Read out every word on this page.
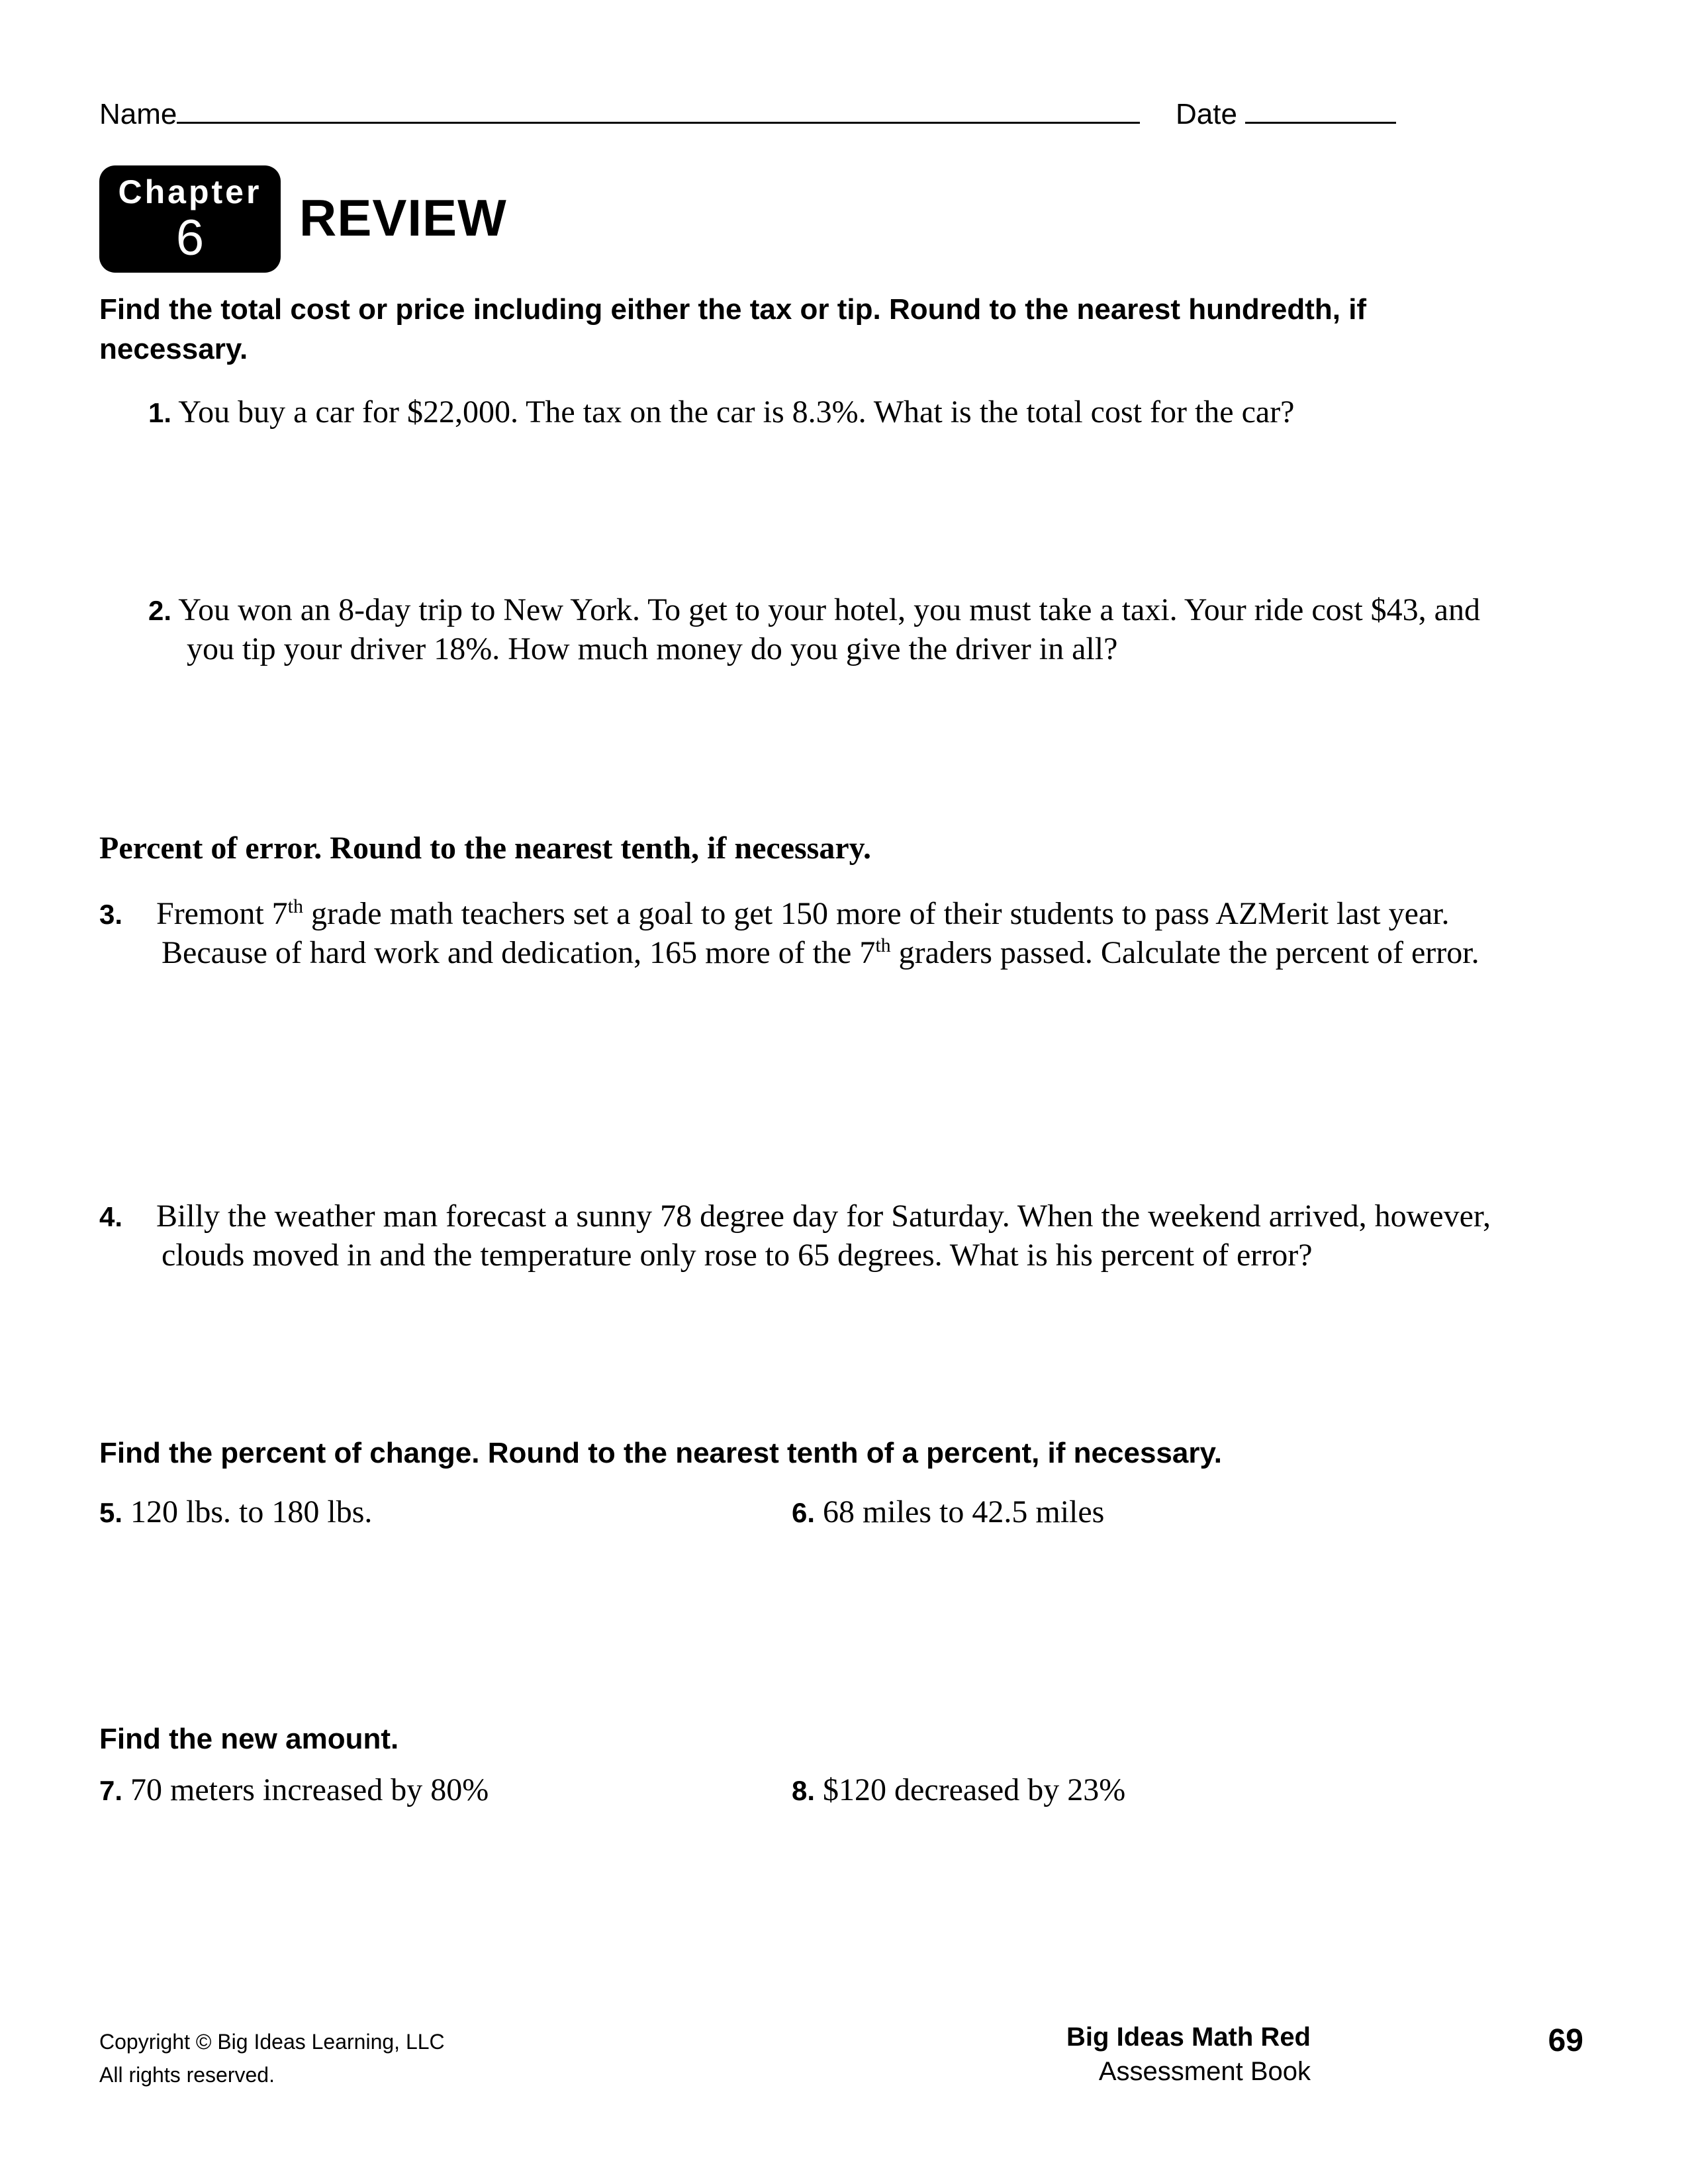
Name	Date
Chapter
6	REVIEW
Find the total cost or price including either the tax or tip. Round to the nearest hundredth, if necessary.
1. You buy a car for $22,000. The tax on the car is 8.3%. What is the total cost for the car?
2. You won an 8-day trip to New York. To get to your hotel, you must take a taxi. Your ride cost $43, and
you tip your driver 18%. How much money do you give the driver in all?
Percent of error. Round to the nearest tenth, if necessary.
3. Fremont 7th grade math teachers set a goal to get 150 more of their students to pass AZMerit last year.
Because of hard work and dedication, 165 more of the 7th graders passed. Calculate the percent of error.
4. Billy the weather man forecast a sunny 78 degree day for Saturday. When the weekend arrived, however,
clouds moved in and the temperature only rose to 65 degrees. What is his percent of error?
Find the percent of change. Round to the nearest tenth of a percent, if necessary.
5. 120 lbs. to 180 lbs.	6. 68 miles to 42.5 miles
Find the new amount.
7. 70 meters increased by 80%	8. $120 decreased by 23%
Copyright © Big Ideas Learning, LLC
All rights reserved.
Big Ideas Math Red
Assessment Book
69
